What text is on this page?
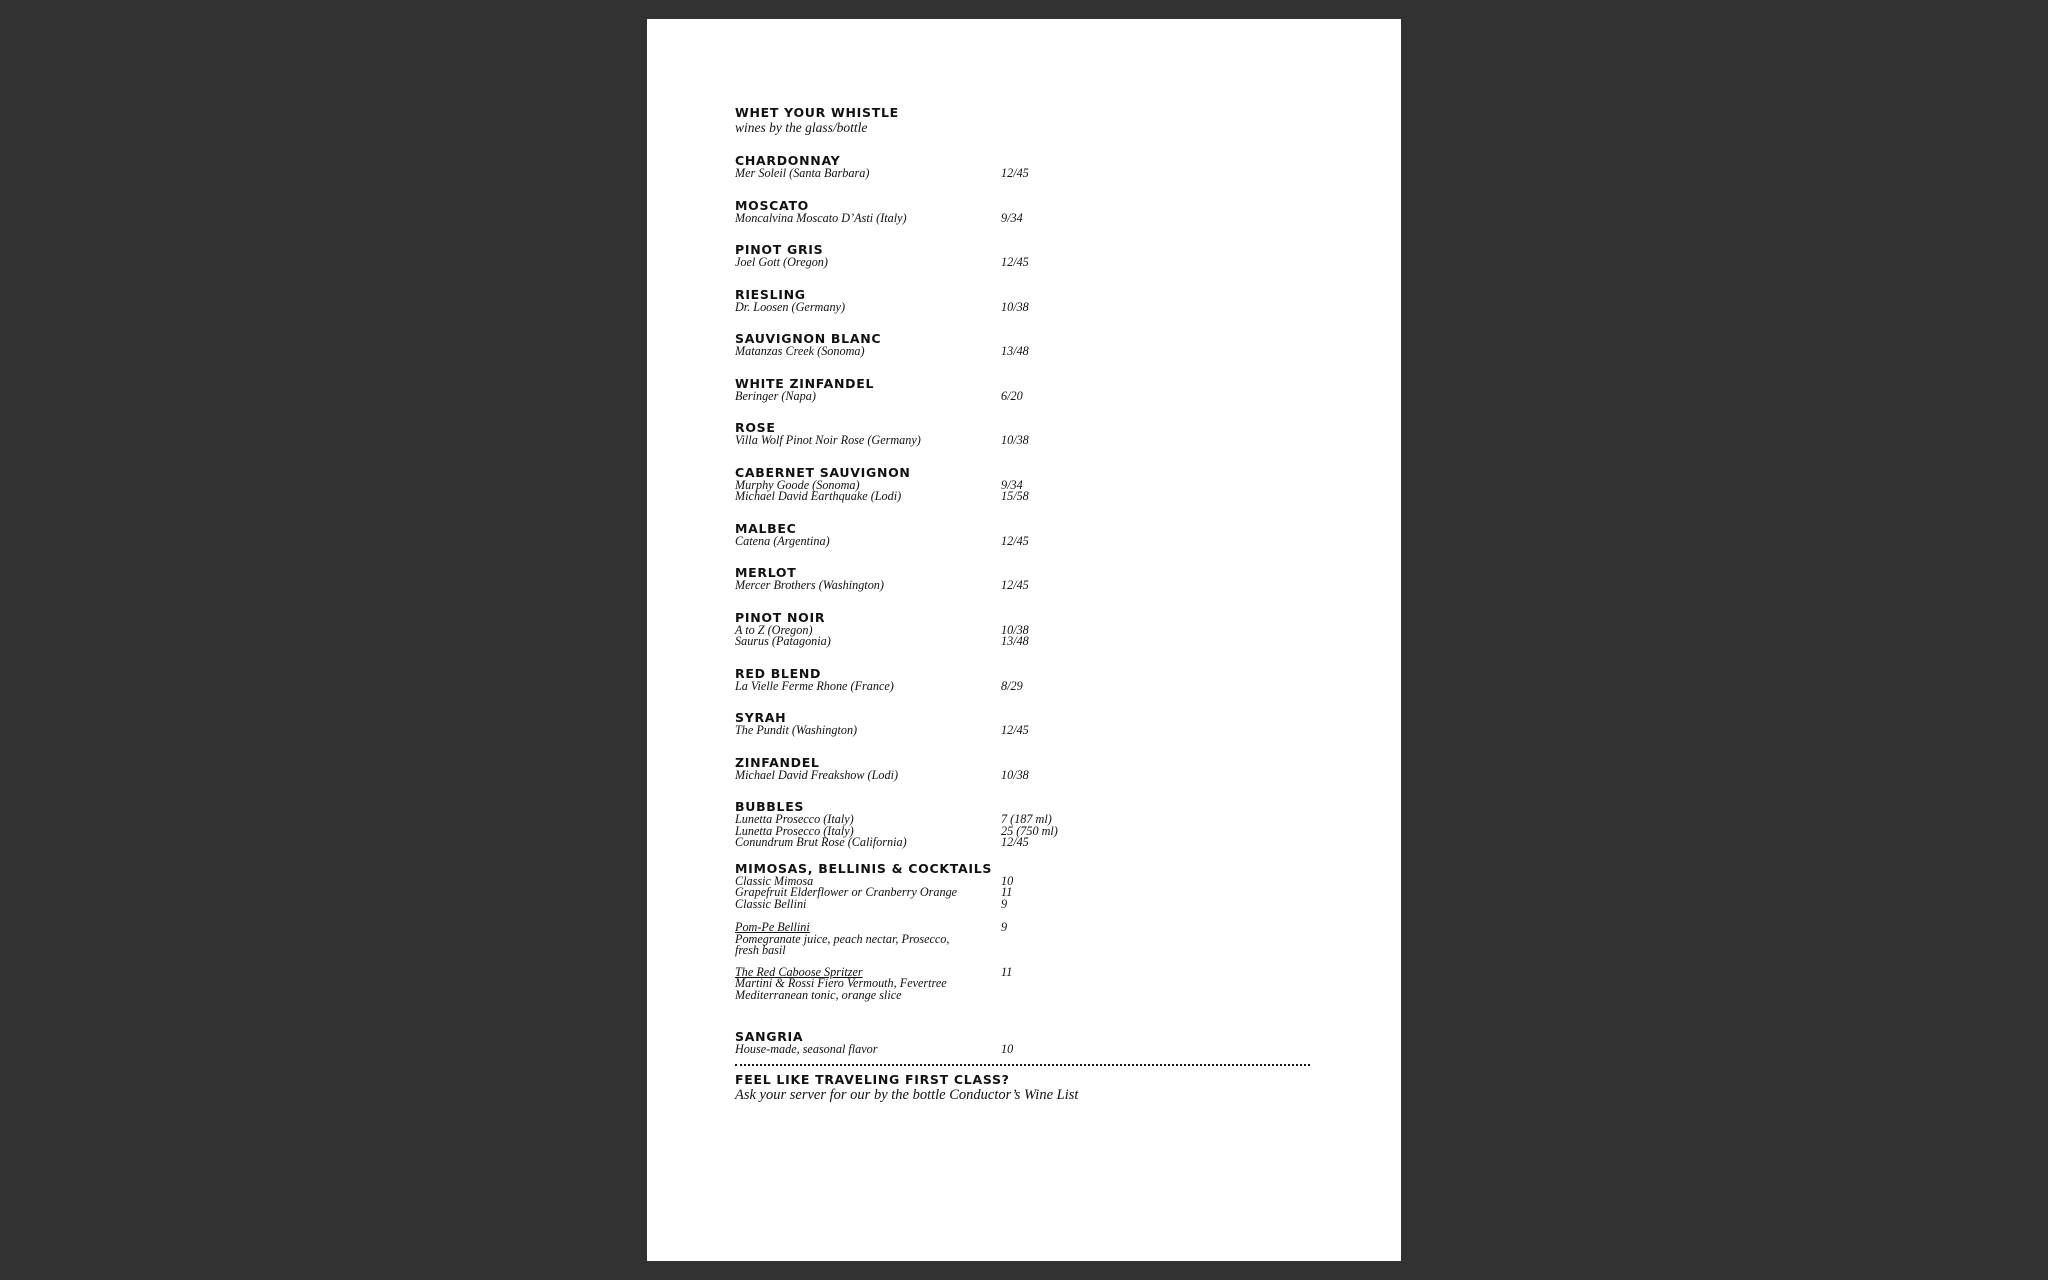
WHET YOUR WHISTLE
wines by the glass/bottle
CHARDONNAY
Mer Soleil (Santa Barbara)	12/45
MOSCATO
Moncalvina Moscato D’Asti (Italy)	9/34
PINOT GRIS
Joel Gott (Oregon)	12/45
RIESLING
Dr. Loosen (Germany)	10/38
SAUVIGNON BLANC
Matanzas Creek (Sonoma)	13/48
WHITE ZINFANDEL
Beringer (Napa)	6/20
ROSE
Villa Wolf Pinot Noir Rose (Germany)	10/38
CABERNET SAUVIGNON
Murphy Goode (Sonoma)	9/34
Michael David Earthquake (Lodi)	15/58
MALBEC
Catena (Argentina)	12/45
MERLOT
Mercer Brothers (Washington)	12/45
PINOT NOIR
A to Z (Oregon)	10/38
Saurus (Patagonia)	13/48
RED BLEND
La Vielle Ferme Rhone (France)	8/29
SYRAH
The Pundit (Washington)	12/45
ZINFANDEL
Michael David Freakshow (Lodi)	10/38
BUBBLES
Lunetta Prosecco (Italy)	7 (187 ml)
Lunetta Prosecco (Italy)	25 (750 ml)
Conundrum Brut Rose (California)	12/45
MIMOSAS, BELLINIS & COCKTAILS
Classic Mimosa	10
Grapefruit Elderflower or Cranberry Orange	11
Classic Bellini	9
Pom-Pe Bellini	9
Pomegranate juice, peach nectar, Prosecco, fresh basil
The Red Caboose Spritzer	11
Martini & Rossi Fiero Vermouth, Fevertree Mediterranean tonic, orange slice
SANGRIA
House-made, seasonal flavor	10
FEEL LIKE TRAVELING FIRST CLASS?
Ask your server for our by the bottle Conductor’s Wine List
